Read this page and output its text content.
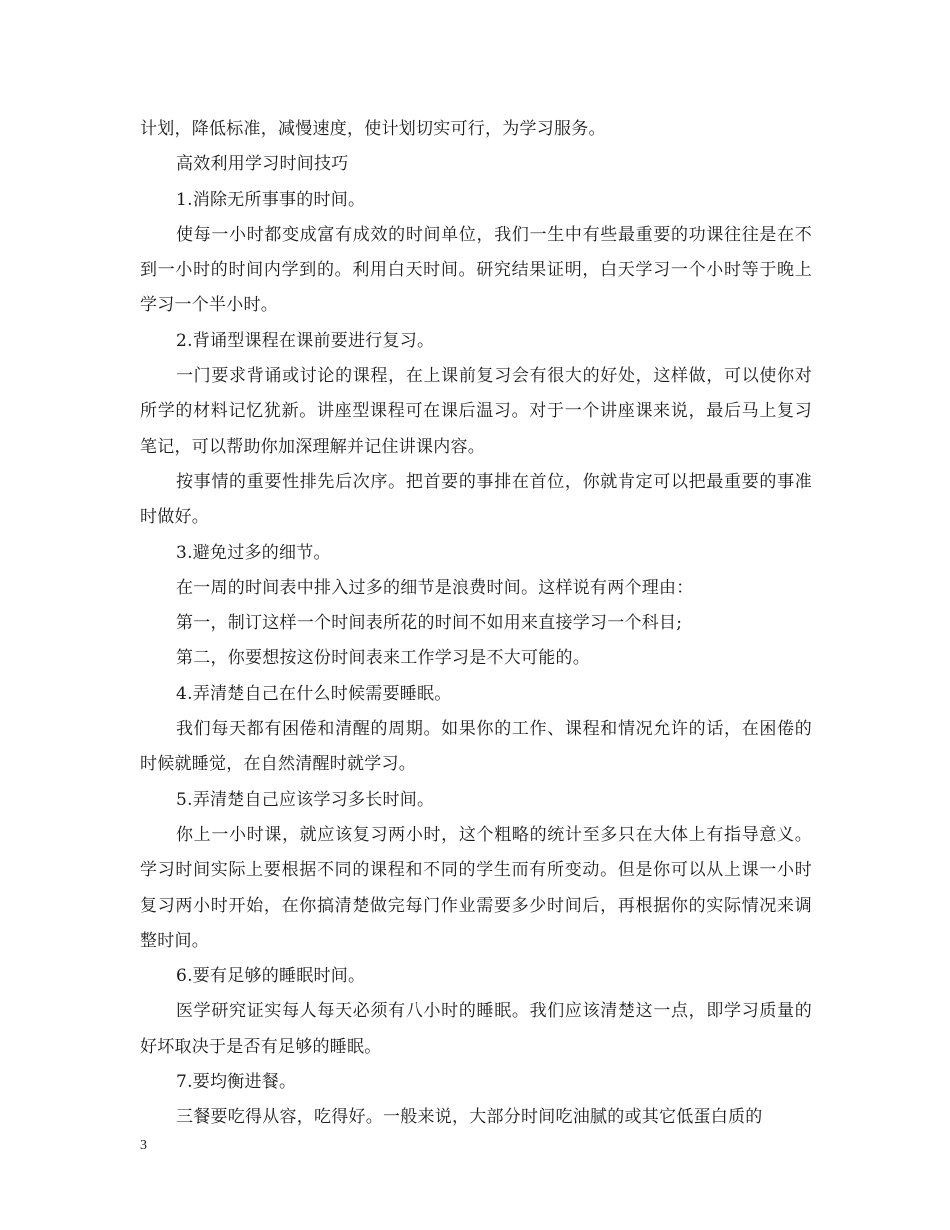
计划，降低标准，减慢速度，使计划切实可行，为学习服务。

高效利用学习时间技巧

1.消除无所事事的时间。

使每一小时都变成富有成效的时间单位，我们一生中有些最重要的功课往往是在不到一小时的时间内学到的。利用白天时间。研究结果证明，白天学习一个小时等于晚上学习一个半小时。

2.背诵型课程在课前要进行复习。

一门要求背诵或讨论的课程，在上课前复习会有很大的好处，这样做，可以使你对所学的材料记忆犹新。讲座型课程可在课后温习。对于一个讲座课来说，最后马上复习笔记，可以帮助你加深理解并记住讲课内容。

按事情的重要性排先后次序。把首要的事排在首位，你就肯定可以把最重要的事准时做好。

3.避免过多的细节。

在一周的时间表中排入过多的细节是浪费时间。这样说有两个理由：

第一，制订这样一个时间表所花的时间不如用来直接学习一个科目;

第二，你要想按这份时间表来工作学习是不大可能的。

4.弄清楚自己在什么时候需要睡眠。

我们每天都有困倦和清醒的周期。如果你的工作、课程和情况允许的话，在困倦的时候就睡觉，在自然清醒时就学习。

5.弄清楚自己应该学习多长时间。

你上一小时课，就应该复习两小时，这个粗略的统计至多只在大体上有指导意义。学习时间实际上要根据不同的课程和不同的学生而有所变动。但是你可以从上课一小时复习两小时开始，在你搞清楚做完每门作业需要多少时间后，再根据你的实际情况来调整时间。

6.要有足够的睡眠时间。

医学研究证实每人每天必须有八小时的睡眠。我们应该清楚这一点，即学习质量的好坏取决于是否有足够的睡眠。

7.要均衡进餐。

三餐要吃得从容，吃得好。一般来说，大部分时间吃油腻的或其它低蛋白质的

3
